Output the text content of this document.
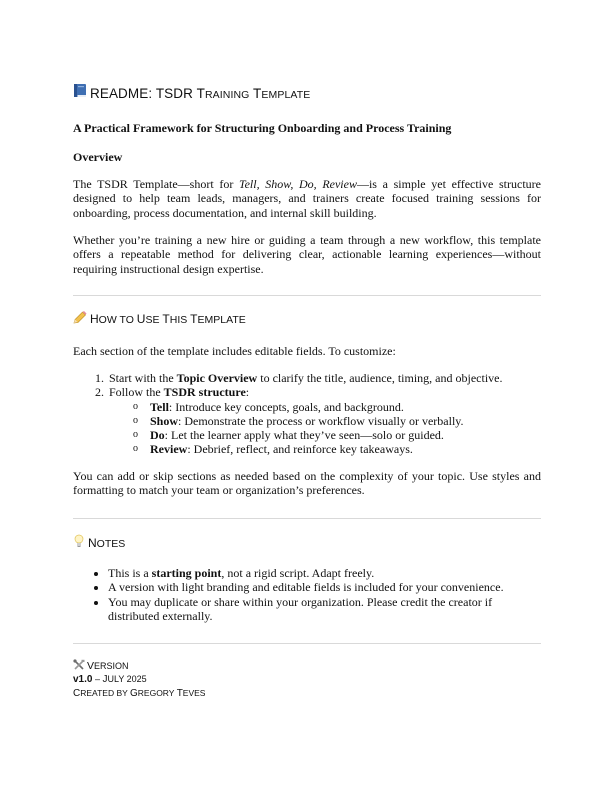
README: TSDR TRAINING TEMPLATE
A Practical Framework for Structuring Onboarding and Process Training
Overview

The TSDR Template—short for Tell, Show, Do, Review—is a simple yet effective structure designed to help team leads, managers, and trainers create focused training sessions for onboarding, process documentation, and internal skill building.

Whether you’re training a new hire or guiding a team through a new workflow, this template offers a repeatable method for delivering clear, actionable learning experiences—without requiring instructional design expertise.

HOW TO USE THIS TEMPLATE

Each section of the template includes editable fields. To customize:

1. Start with the Topic Overview to clarify the title, audience, timing, and objective.
2. Follow the TSDR structure:
o Tell: Introduce key concepts, goals, and background.
o Show: Demonstrate the process or workflow visually or verbally.
o Do: Let the learner apply what they’ve seen—solo or guided.
o Review: Debrief, reflect, and reinforce key takeaways.

You can add or skip sections as needed based on the complexity of your topic. Use styles and formatting to match your team or organization’s preferences.

NOTES
• This is a starting point, not a rigid script. Adapt freely.
• A version with light branding and editable fields is included for your convenience.
• You may duplicate or share within your organization. Please credit the creator if distributed externally.
VERSION
v1.0 – JULY 2025
CREATED BY GREGORY TEVES
